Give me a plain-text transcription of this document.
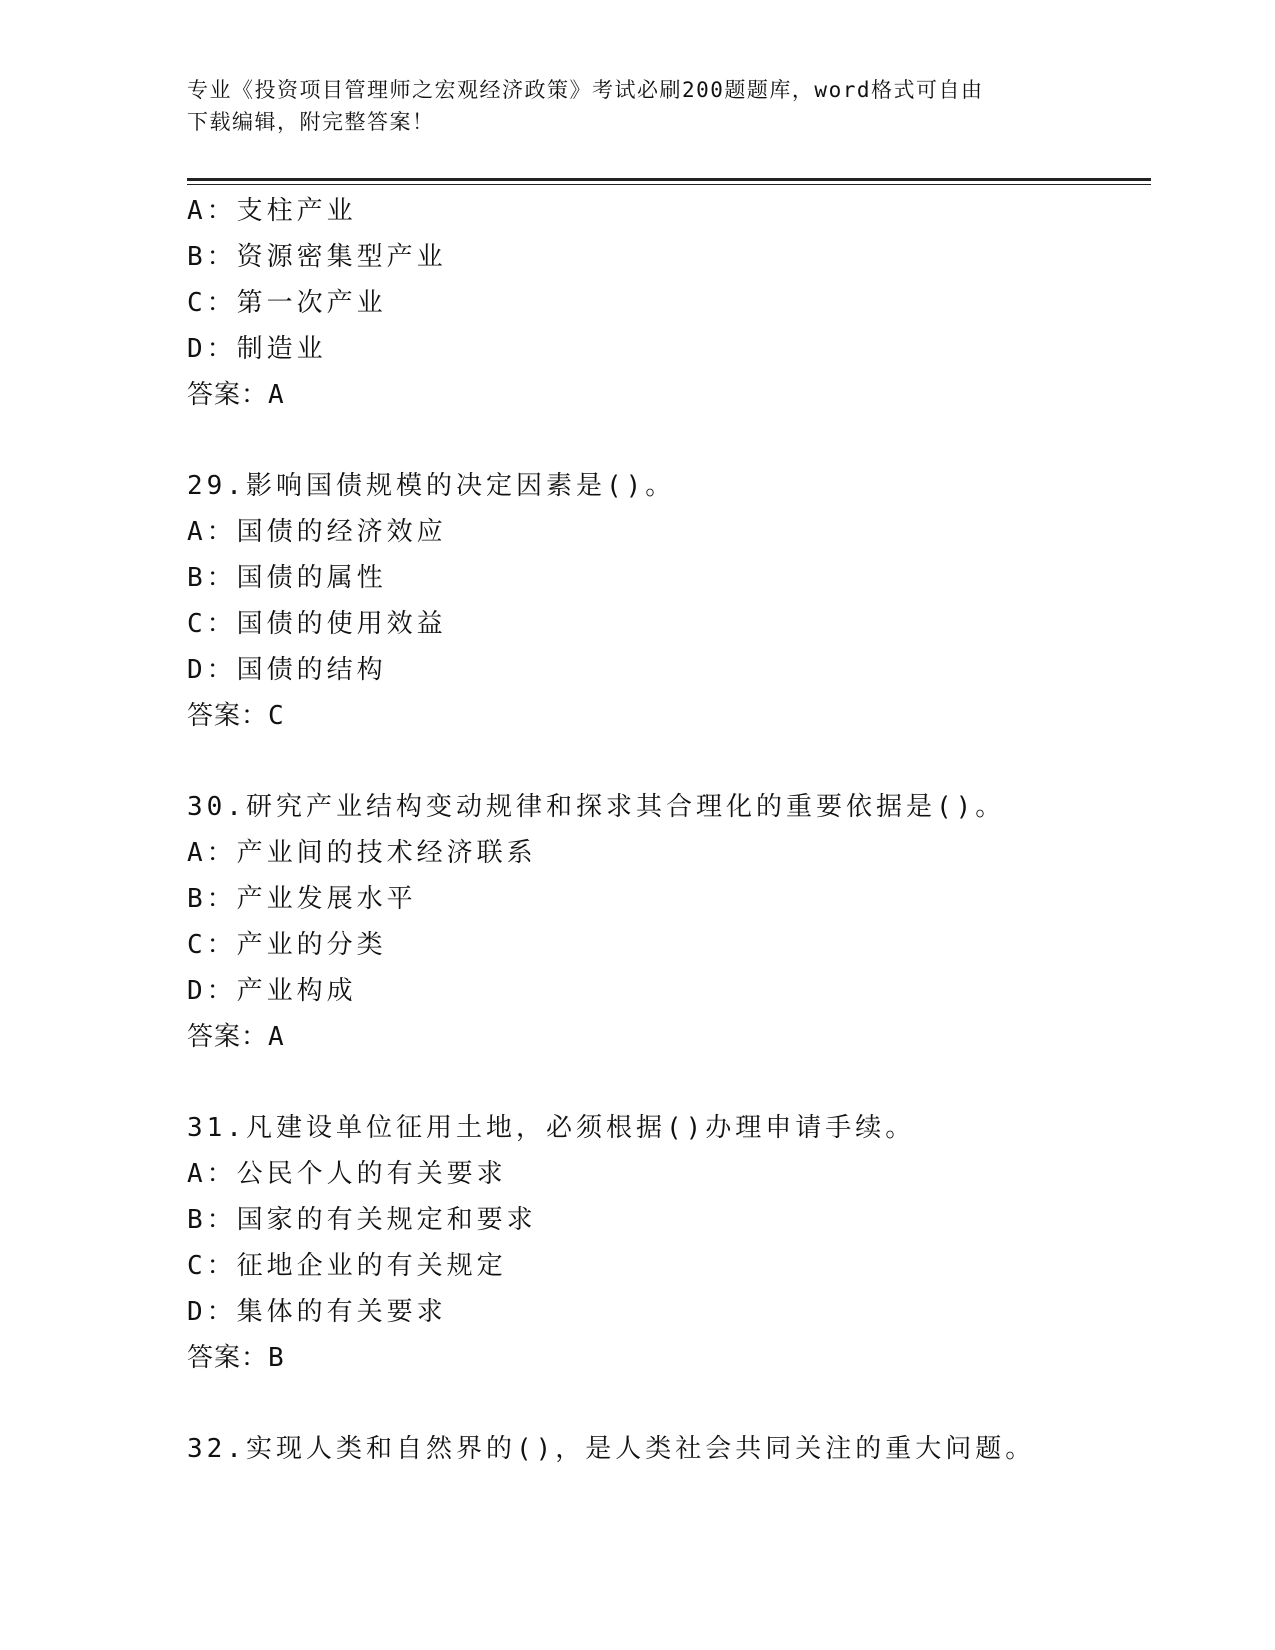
专业《投资项目管理师之宏观经济政策》考试必刷200题题库，word格式可自由
下载编辑，附完整答案！
A：支柱产业
B：资源密集型产业
C：第一次产业
D：制造业
答案：A
29.影响国债规模的决定因素是()。
A：国债的经济效应
B：国债的属性
C：国债的使用效益
D：国债的结构
答案：C
30.研究产业结构变动规律和探求其合理化的重要依据是()。
A：产业间的技术经济联系
B：产业发展水平
C：产业的分类
D：产业构成
答案：A
31.凡建设单位征用土地，必须根据()办理申请手续。
A：公民个人的有关要求
B：国家的有关规定和要求
C：征地企业的有关规定
D：集体的有关要求
答案：B
32.实现人类和自然界的()，是人类社会共同关注的重大问题。
